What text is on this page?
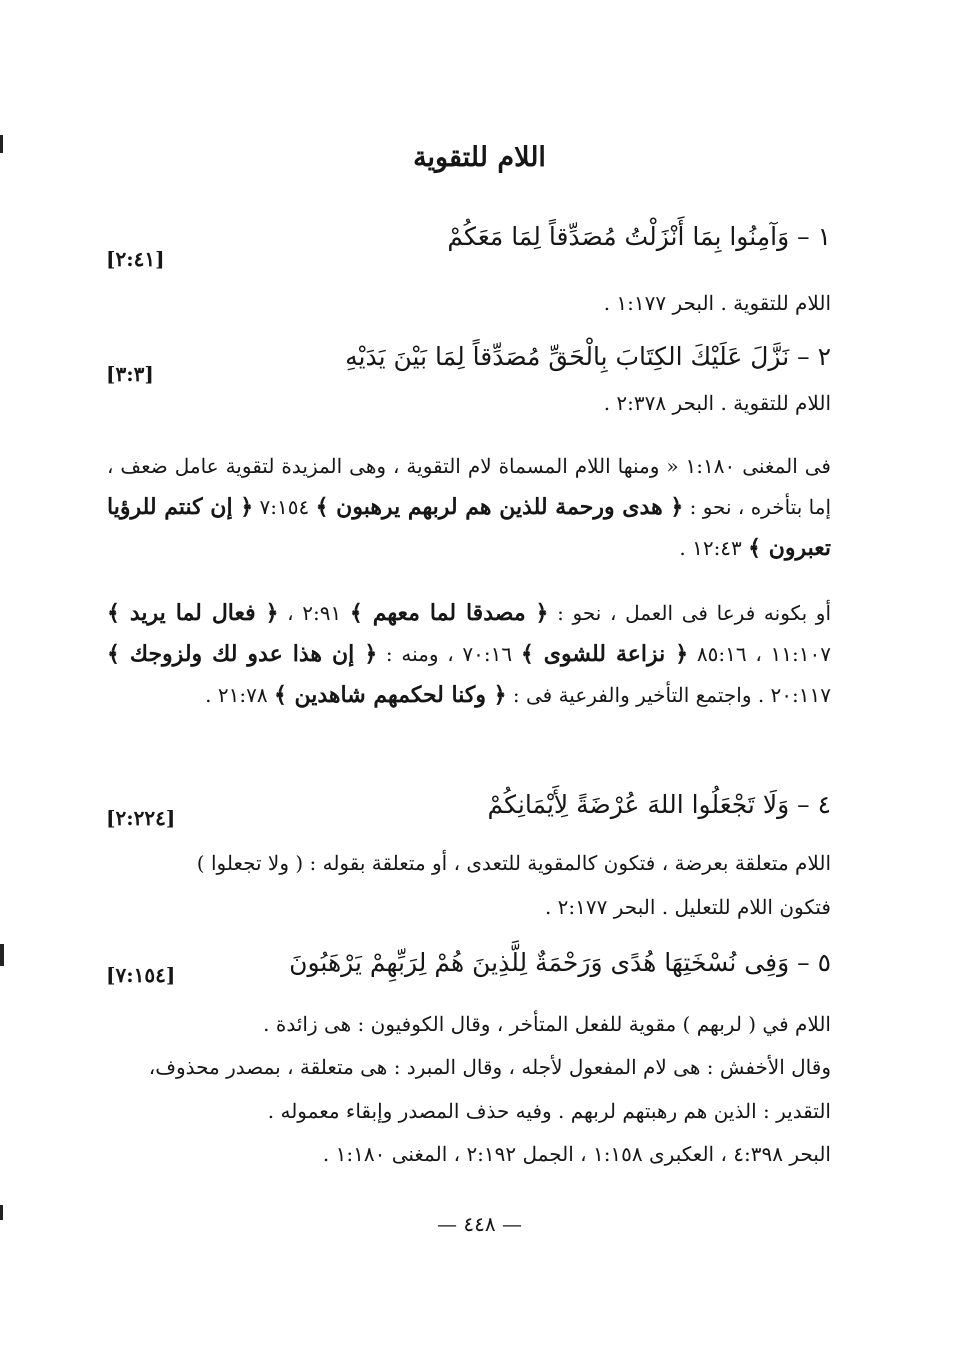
اللام للتقوية
١ – وَآمِنُوا بِمَا أَنْزَلْتُ مُصَدِّقاً لِمَا مَعَكُمْ
[٢:٤١]
اللام للتقوية . البحر ١:١٧٧ .
٢ – نَزَّلَ عَلَيْكَ الكِتَابَ بِالْحَقِّ مُصَدِّقاً لِمَا بَيْنَ يَدَيْهِ
[٣:٣]
اللام للتقوية . البحر ٢:٣٧٨ .
فى المغنى ١:١٨٠ « ومنها اللام المسماة لام التقوية ، وهى المزيدة لتقوية عامل ضعف ، إما بتأخره ، نحو : ﴿ هدى ورحمة للذين هم لربهم يرهبون ﴾ ٧:١٥٤ ﴿ إن كنتم للرؤيا تعبرون ﴾ ١٢:٤٣ .
أو بكونه فرعا فى العمل ، نحو : ﴿ مصدقا لما معهم ﴾ ٢:٩١ ، ﴿ فعال لما يريد ﴾ ١١:١٠٧ ، ٨٥:١٦ ﴿ نزاعة للشوى ﴾ ٧٠:١٦ ، ومنه : ﴿ إن هذا عدو لك ولزوجك ﴾ ٢٠:١١٧ . واجتمع التأخير والفرعية فى : ﴿ وكنا لحكمهم شاهدين ﴾ ٢١:٧٨ .
٤ – وَلَا تَجْعَلُوا اللهَ عُرْضَةً لِأَيْمَانِكُمْ
[٢:٢٢٤]
اللام متعلقة بعرضة ، فتكون كالمقوية للتعدى ، أو متعلقة بقوله : ( ولا تجعلوا )
فتكون اللام للتعليل . البحر ٢:١٧٧ .
٥ – وَفِى نُسْخَتِهَا هُدًى وَرَحْمَةٌ لِلَّذِينَ هُمْ لِرَبِّهِمْ يَرْهَبُونَ
[٧:١٥٤]
اللام في ( لربهم ) مقوية للفعل المتأخر ، وقال الكوفيون : هى زائدة .
وقال الأخفش : هى لام المفعول لأجله ، وقال المبرد : هى متعلقة ، بمصدر محذوف،
التقدير : الذين هم رهبتهم لربهم . وفيه حذف المصدر وإبقاء معموله .
البحر ٤:٣٩٨ ، العكبرى ١:١٥٨ ، الجمل ٢:١٩٢ ، المغنى ١:١٨٠ .
— ٤٤٨ —
